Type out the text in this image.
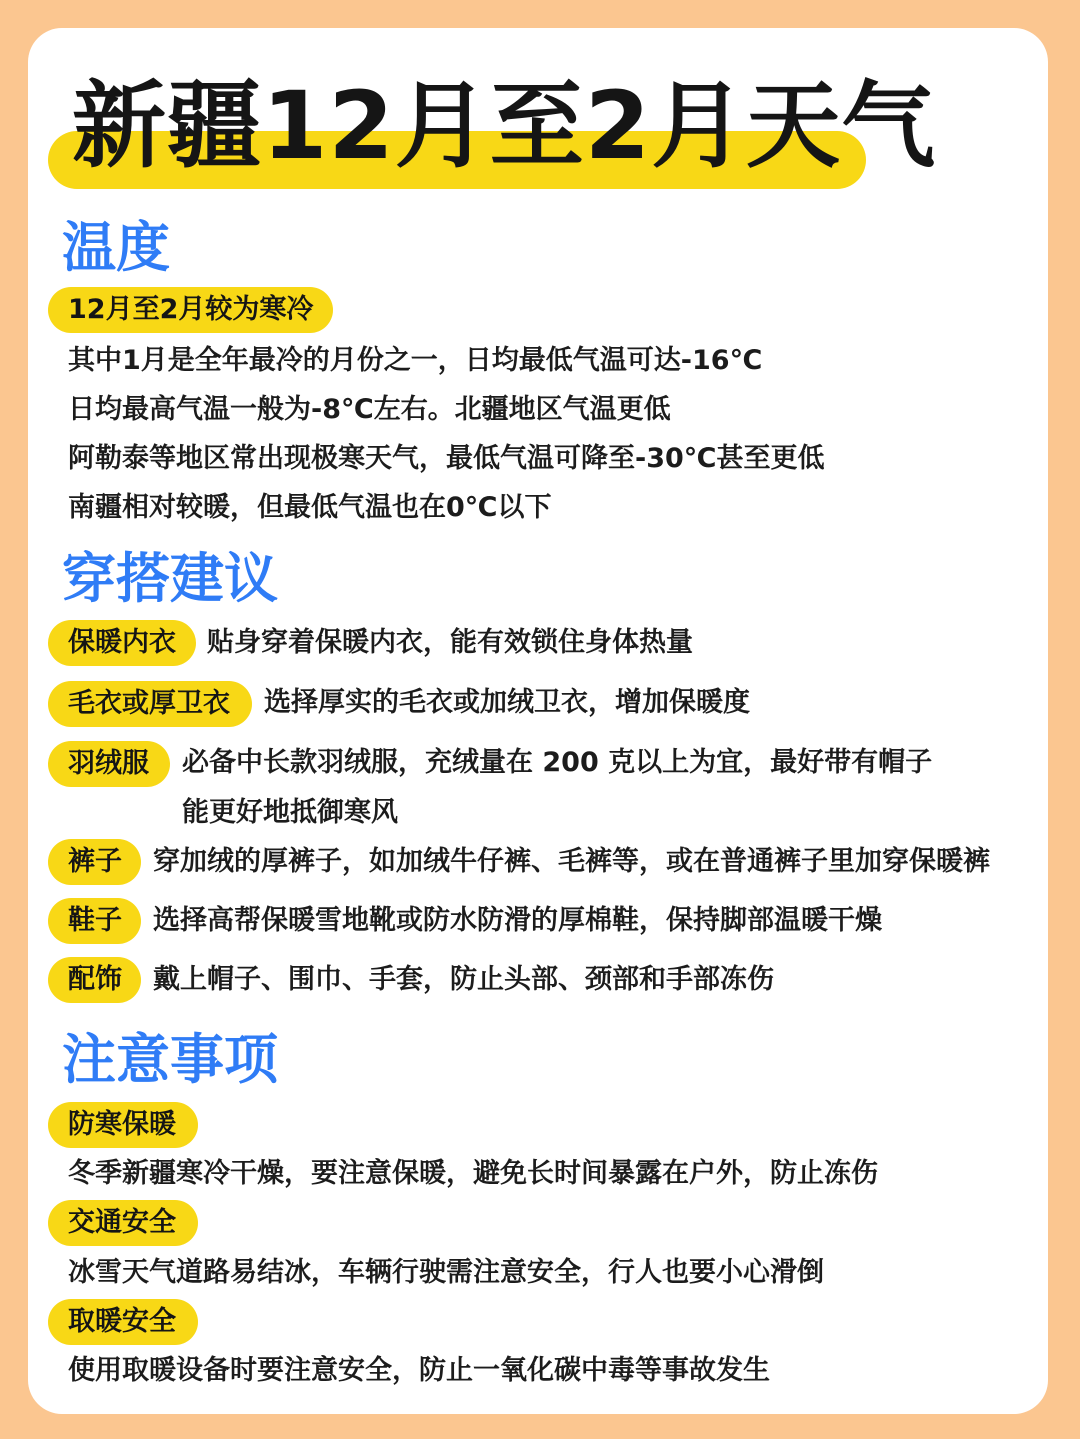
新疆12月至2月天气
温度
12月至2月较为寒冷
其中1月是全年最冷的月份之一，日均最低气温可达-16℃
日均最高气温一般为-8℃左右。北疆地区气温更低
阿勒泰等地区常出现极寒天气，最低气温可降至-30℃甚至更低
南疆相对较暖，但最低气温也在0℃以下
穿搭建议
保暖内衣	贴身穿着保暖内衣，能有效锁住身体热量
毛衣或厚卫衣	选择厚实的毛衣或加绒卫衣，增加保暖度
羽绒服	必备中长款羽绒服，充绒量在 200 克以上为宜，最好带有帽子
能更好地抵御寒风
裤子	穿加绒的厚裤子，如加绒牛仔裤、毛裤等，或在普通裤子里加穿保暖裤
鞋子	选择高帮保暖雪地靴或防水防滑的厚棉鞋，保持脚部温暖干燥
配饰	戴上帽子、围巾、手套，防止头部、颈部和手部冻伤
注意事项
防寒保暖
冬季新疆寒冷干燥，要注意保暖，避免长时间暴露在户外，防止冻伤
交通安全
冰雪天气道路易结冰，车辆行驶需注意安全，行人也要小心滑倒
取暖安全
使用取暖设备时要注意安全，防止一氧化碳中毒等事故发生
